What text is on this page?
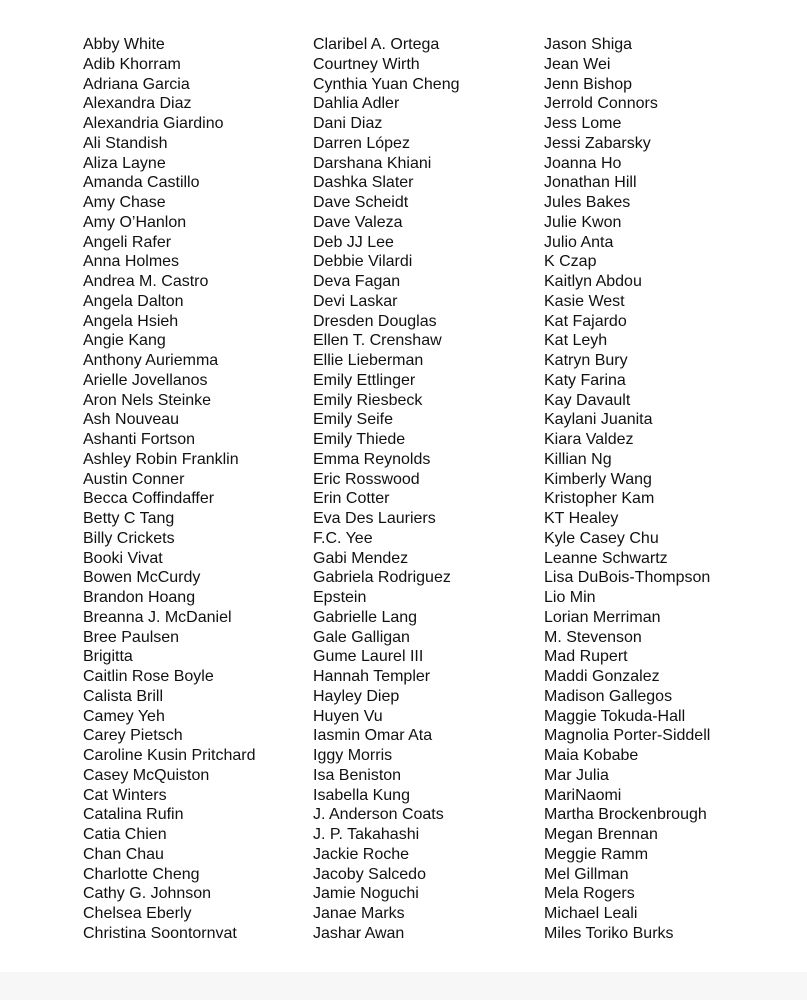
Abby White
Adib Khorram
Adriana Garcia
Alexandra Diaz
Alexandria Giardino
Ali Standish
Aliza Layne
Amanda Castillo
Amy Chase
Amy O’Hanlon
Angeli Rafer
Anna Holmes
Andrea M. Castro
Angela Dalton
Angela Hsieh
Angie Kang
Anthony Auriemma
Arielle Jovellanos
Aron Nels Steinke
Ash Nouveau
Ashanti Fortson
Ashley Robin Franklin
Austin Conner
Becca Coffindaffer
Betty C Tang
Billy Crickets
Booki Vivat
Bowen McCurdy
Brandon Hoang
Breanna J. McDaniel
Bree Paulsen
Brigitta
Caitlin Rose Boyle
Calista Brill
Camey Yeh
Carey Pietsch
Caroline Kusin Pritchard
Casey McQuiston
Cat Winters
Catalina Rufin
Catia Chien
Chan Chau
Charlotte Cheng
Cathy G. Johnson
Chelsea Eberly
Christina Soontornvat
Claribel A. Ortega
Courtney Wirth
Cynthia Yuan Cheng
Dahlia Adler
Dani Diaz
Darren López
Darshana Khiani
Dashka Slater
Dave Scheidt
Dave Valeza
Deb JJ Lee
Debbie Vilardi
Deva Fagan
Devi Laskar
Dresden Douglas
Ellen T. Crenshaw
Ellie Lieberman
Emily Ettlinger
Emily Riesbeck
Emily Seife
Emily Thiede
Emma Reynolds
Eric Rosswood
Erin Cotter
Eva Des Lauriers
F.C. Yee
Gabi Mendez
Gabriela Rodriguez
Epstein
Gabrielle Lang
Gale Galligan
Gume Laurel III
Hannah Templer
Hayley Diep
Huyen Vu
Iasmin Omar Ata
Iggy Morris
Isa Beniston
Isabella Kung
J. Anderson Coats
J. P. Takahashi
Jackie Roche
Jacoby Salcedo
Jamie Noguchi
Janae Marks
Jashar Awan
Jason Shiga
Jean Wei
Jenn Bishop
Jerrold Connors
Jess Lome
Jessi Zabarsky
Joanna Ho
Jonathan Hill
Jules Bakes
Julie Kwon
Julio Anta
K Czap
Kaitlyn Abdou
Kasie West
Kat Fajardo
Kat Leyh
Katryn Bury
Katy Farina
Kay Davault
Kaylani Juanita
Kiara Valdez
Killian Ng
Kimberly Wang
Kristopher Kam
KT Healey
Kyle Casey Chu
Leanne Schwartz
Lisa DuBois-Thompson
Lio Min
Lorian Merriman
M. Stevenson
Mad Rupert
Maddi Gonzalez
Madison Gallegos
Maggie Tokuda-Hall
Magnolia Porter-Siddell
Maia Kobabe
Mar Julia
MariNaomi
Martha Brockenbrough
Megan Brennan
Meggie Ramm
Mel Gillman
Mela Rogers
Michael Leali
Miles Toriko Burks
